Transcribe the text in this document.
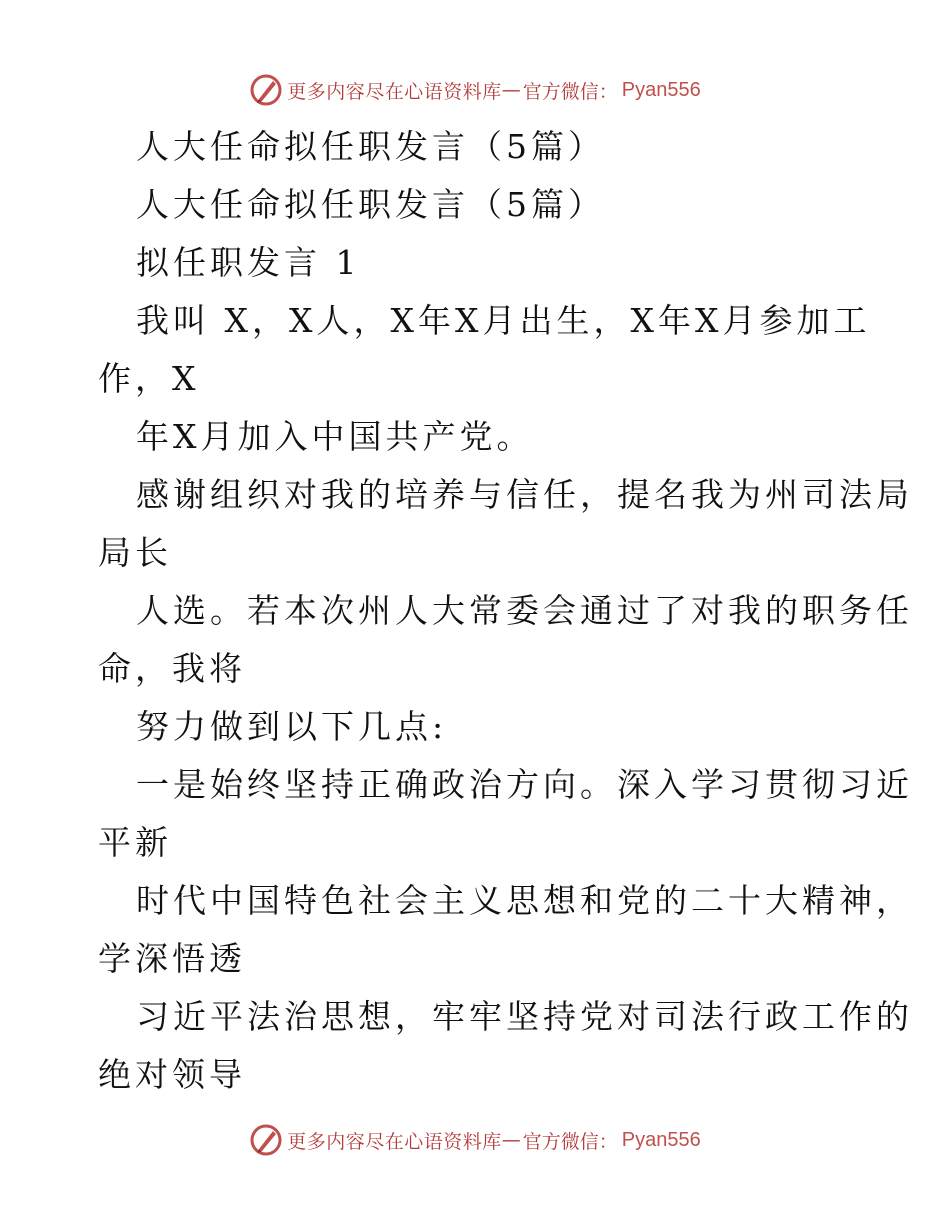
更多内容尽在心语资料库 — 官方微信： Pyan556
人大任命拟任职发言（5篇）
人大任命拟任职发言（5篇）
拟任职发言 1
我叫 X，X人，X年X月出生，X年X月参加工
作，X
年X月加入中国共产党。
感谢组织对我的培养与信任，提名我为州司法局
局长
人选。若本次州人大常委会通过了对我的职务任
命，我将
努力做到以下几点:
一是始终坚持正确政治方向。深入学习贯彻习近
平新
时代中国特色社会主义思想和党的二十大精神，
学深悟透
习近平法治思想，牢牢坚持党对司法行政工作的
绝对领导
更多内容尽在心语资料库 — 官方微信： Pyan556
